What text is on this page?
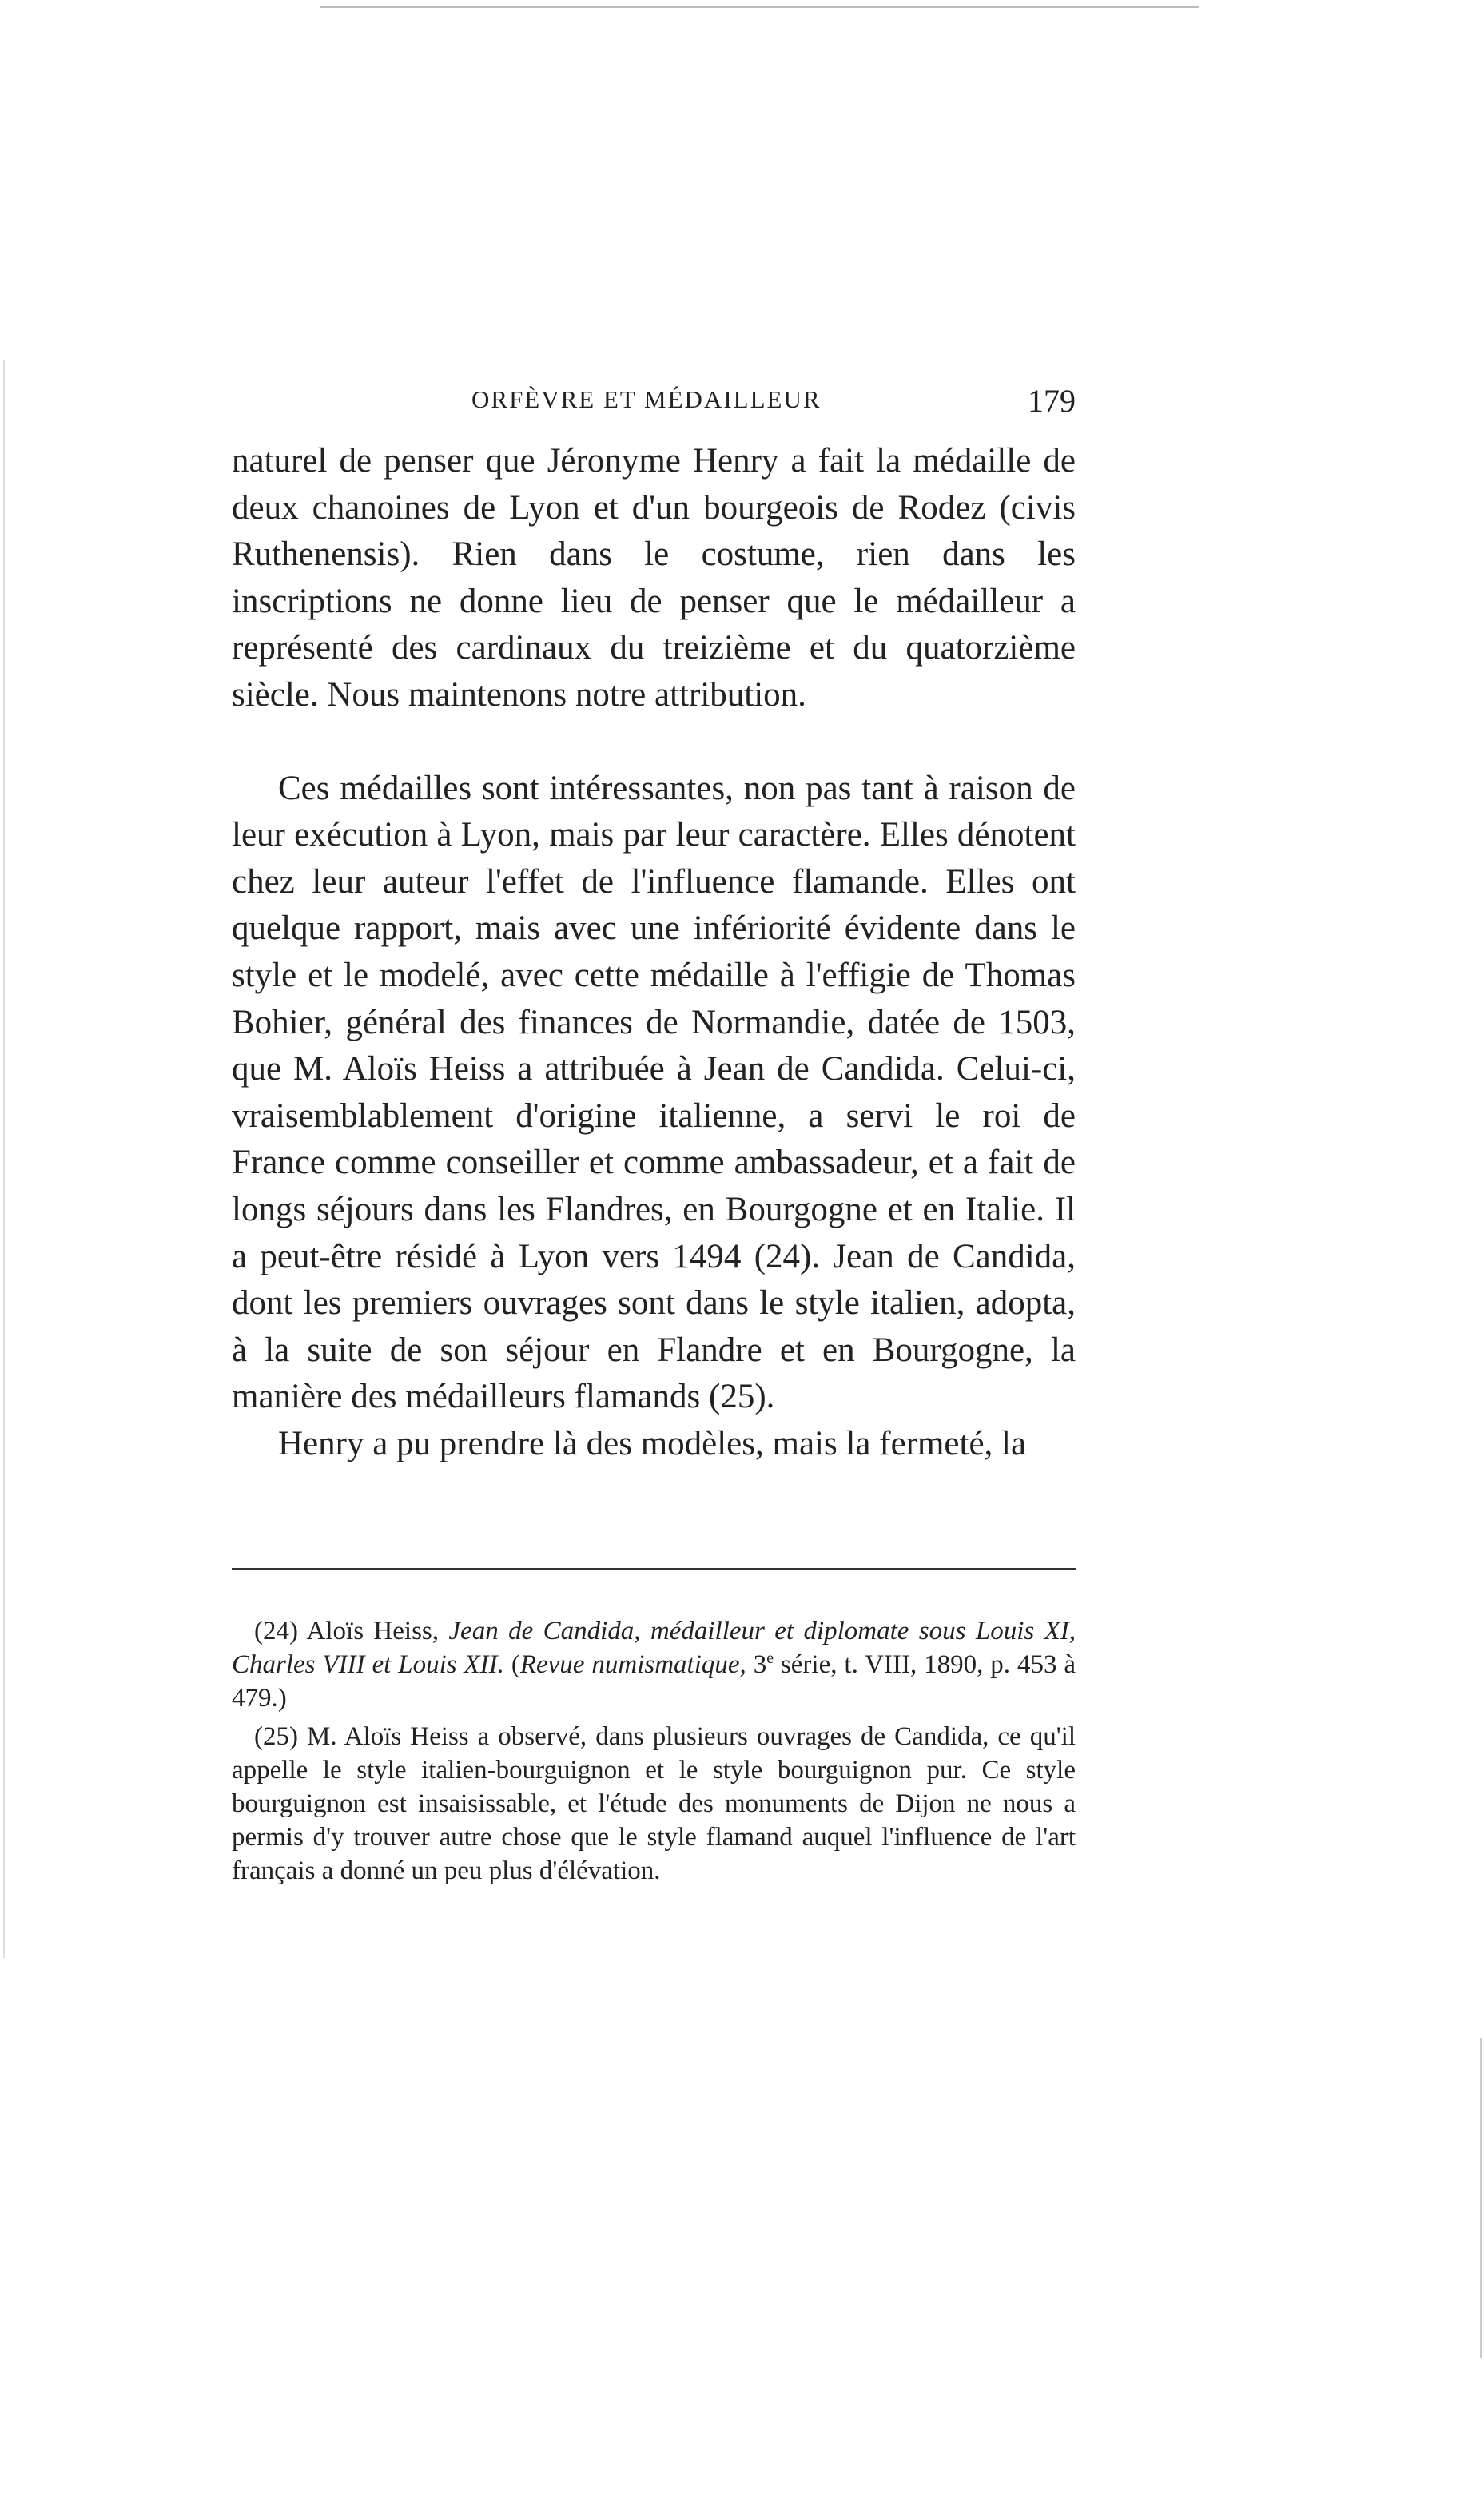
ORFÈVRE ET MÉDAILLEUR	179

naturel de penser que Jéronyme Henry a fait la médaille de deux chanoines de Lyon et d'un bourgeois de Rodez (civis Ruthenensis). Rien dans le costume, rien dans les inscriptions ne donne lieu de penser que le médailleur a représenté des cardinaux du treizième et du quatorzième siècle. Nous maintenons notre attribution.

Ces médailles sont intéressantes, non pas tant à raison de leur exécution à Lyon, mais par leur caractère. Elles dénotent chez leur auteur l'effet de l'influence flamande. Elles ont quelque rapport, mais avec une infériorité évidente dans le style et le modelé, avec cette médaille à l'effigie de Thomas Bohier, général des finances de Normandie, datée de 1503, que M. Aloïs Heiss a attribuée à Jean de Candida. Celui-ci, vraisemblablement d'origine italienne, a servi le roi de France comme conseiller et comme ambassadeur, et a fait de longs séjours dans les Flandres, en Bourgogne et en Italie. Il a peut-être résidé à Lyon vers 1494 (24). Jean de Candida, dont les premiers ouvrages sont dans le style italien, adopta, à la suite de son séjour en Flandre et en Bourgogne, la manière des médailleurs flamands (25).

Henry a pu prendre là des modèles, mais la fermeté, la

(24) Aloïs Heiss, Jean de Candida, médailleur et diplomate sous Louis XI, Charles VIII et Louis XII. (Revue numismatique, 3e série, t. VIII, 1890, p. 453 à 479.)

(25) M. Aloïs Heiss a observé, dans plusieurs ouvrages de Candida, ce qu'il appelle le style italien-bourguignon et le style bourguignon pur. Ce style bourguignon est insaisissable, et l'étude des monuments de Dijon ne nous a permis d'y trouver autre chose que le style flamand auquel l'influence de l'art français a donné un peu plus d'élévation.
